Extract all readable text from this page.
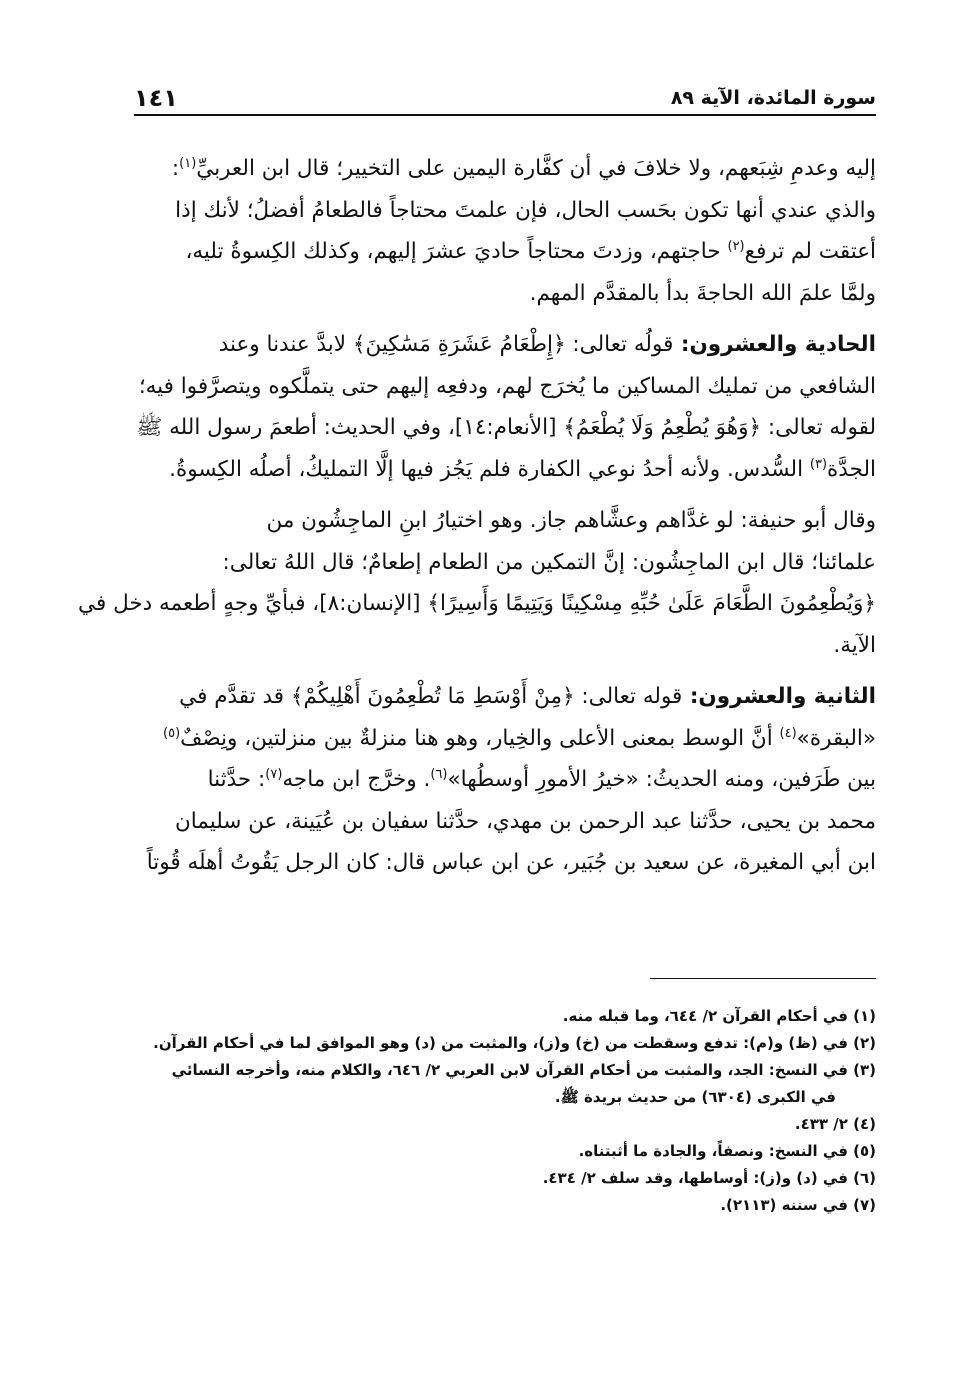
سورة المائدة، الآية ٨٩
١٤١
إليه وعدمِ شِبَعهم، ولا خلافَ في أن كفَّارة اليمين على التخيير؛ قال ابن العربيِّ$^{(١)}$:
والذي عندي أنها تكون بحَسب الحال، فإن علمتَ محتاجاً فالطعامُ أفضلُ؛ لأنك إذا
أعتقت لم ترفع$^{(٢)}$ حاجتهم، وزدتَ محتاجاً حاديَ عشرَ إليهم، وكذلك الكِسوةُ تليه،
ولمَّا علمَ الله الحاجةَ بدأ بالمقدَّم المهم.
الحادية والعشرون: قولُه تعالى: ﴿إِطْعَامُ عَشَرَةِ مَسَٰكِينَ﴾ لابدَّ عندنا وعند
الشافعي من تمليك المساكين ما يُخرَج لهم، ودفعِه إليهم حتى يتملَّكوه ويتصرَّفوا فيه؛
لقوله تعالى: ﴿وَهُوَ يُطْعِمُ وَلَا يُطْعَمُ﴾ [الأنعام:١٤]، وفي الحديث: أطعمَ رسول الله ﷺ
الجدَّة$^{(٣)}$ السُّدس. ولأنه أحدُ نوعي الكفارة فلم يَجُز فيها إلَّا التمليكُ، أصلُه الكِسوةُ.
وقال أبو حنيفة: لو غدَّاهم وعشَّاهم جاز. وهو اختيارُ ابنِ الماجِشُون من
علمائنا؛ قال ابن الماجِشُون: إنَّ التمكين من الطعام إطعامٌ؛ قال اللهُ تعالى:
﴿وَيُطْعِمُونَ الطَّعَامَ عَلَىٰ حُبِّهِ مِسْكِينًا وَيَتِيمًا وَأَسِيرًا﴾ [الإنسان:٨]، فبأيِّ وجهٍ أطعمه دخل في
الآية.
الثانية والعشرون: قوله تعالى: ﴿مِنْ أَوْسَطِ مَا تُطْعِمُونَ أَهْلِيكُمْ﴾ قد تقدَّم في
«البقرة»$^{(٤)}$ أنَّ الوسط بمعنى الأعلى والخِيار، وهو هنا منزلةٌ بين منزلتين، ونِصْفٌ$^{(٥)}$
بين طَرَفين، ومنه الحديثُ: «خيرُ الأمورِ أوسطُها»$^{(٦)}$. وخرَّج ابن ماجه$^{(٧)}$: حدَّثنا
محمد بن يحيى، حدَّثنا عبد الرحمن بن مهدي، حدَّثنا سفيان بن عُيَينة، عن سليمان
ابن أبي المغيرة، عن سعيد بن جُبَير، عن ابن عباس قال: كان الرجل يَقُوتُ أهلَه قُوتاً
(١) في أحكام القرآن ٢/ ٦٤٤، وما قبله منه.
(٢) في (ظ) و(م): تدفع وسقطت من (خ) و(ز)، والمثبت من (د) وهو الموافق لما في أحكام القرآن.
(٣) في النسخ: الجد، والمثبت من أحكام القرآن لابن العربي ٢/ ٦٤٦، والكلام منه، وأخرجه النسائي
في الكبرى (٦٣٠٤) من حديث بريدة ﷺ.
(٤) ٢/ ٤٣٣.
(٥) في النسخ: ونصفاً، والجادة ما أثبتناه.
(٦) في (د) و(ز): أوساطها، وقد سلف ٢/ ٤٣٤.
(٧) في سننه (٢١١٣).
